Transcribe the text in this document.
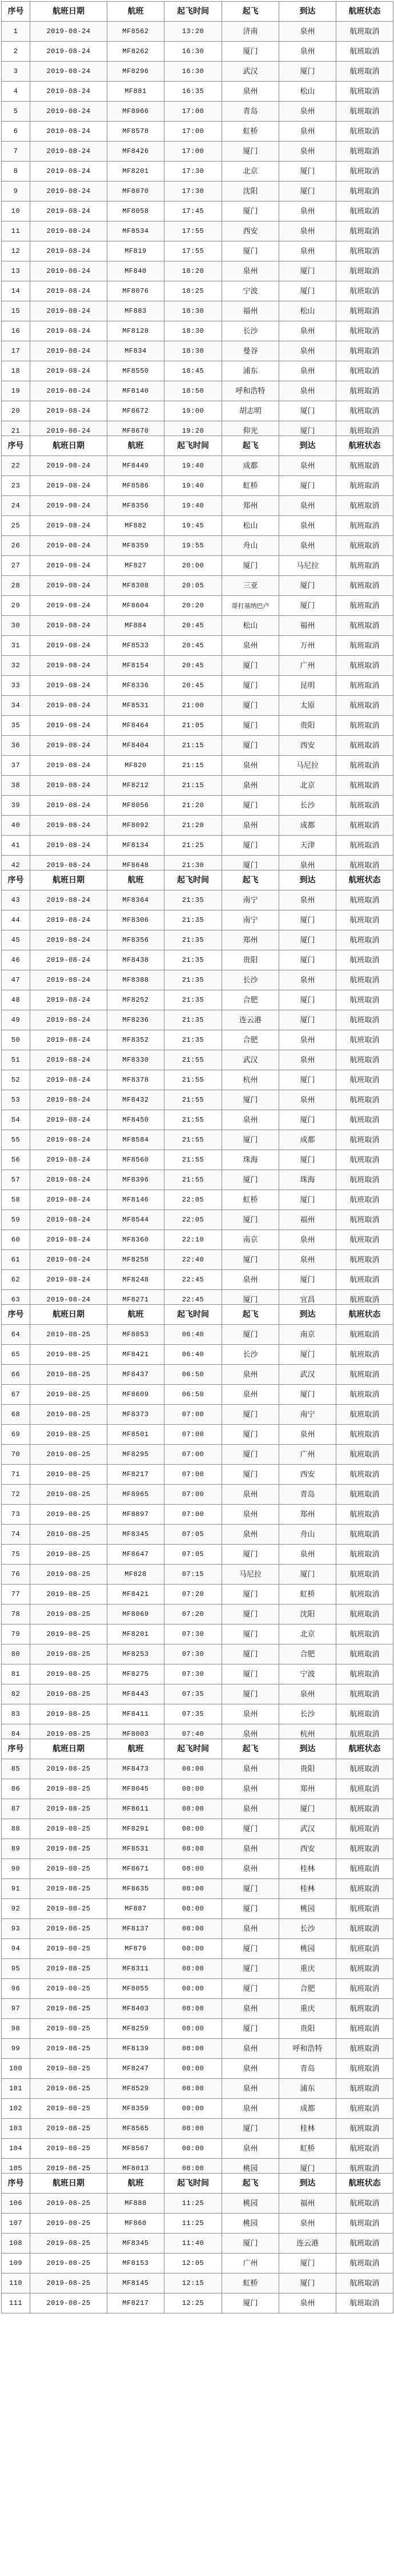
序号	航班日期	航班	起飞时间	起飞	到达	航班状态
1	2019-08-24	MF8562	13:20	济南	泉州	航班取消
2	2019-08-24	MF8262	16:30	厦门	泉州	航班取消
3	2019-08-24	MF8296	16:30	武汉	厦门	航班取消
4	2019-08-24	MF881	16:35	泉州	松山	航班取消
5	2019-08-24	MF8966	17:00	青岛	泉州	航班取消
6	2019-08-24	MF8578	17:00	虹桥	泉州	航班取消
7	2019-08-24	MF8426	17:00	厦门	泉州	航班取消
8	2019-08-24	MF8201	17:30	北京	厦门	航班取消
9	2019-08-24	MF8070	17:30	沈阳	厦门	航班取消
10	2019-08-24	MF8058	17:45	厦门	泉州	航班取消
11	2019-08-24	MF8534	17:55	西安	泉州	航班取消
12	2019-08-24	MF819	17:55	厦门	泉州	航班取消
13	2019-08-24	MF840	18:20	泉州	厦门	航班取消
14	2019-08-24	MF8076	18:25	宁波	厦门	航班取消
15	2019-08-24	MF883	18:30	福州	松山	航班取消
16	2019-08-24	MF8128	18:30	长沙	泉州	航班取消
17	2019-08-24	MF834	18:30	曼谷	泉州	航班取消
18	2019-08-24	MF8550	18:45	浦东	泉州	航班取消
19	2019-08-24	MF8140	18:50	呼和浩特	泉州	航班取消
20	2019-08-24	MF8672	19:00	胡志明	厦门	航班取消
21	2019-08-24	MF8670	19:20	仰光	厦门	航班取消
序号	航班日期	航班	起飞时间	起飞	到达	航班状态
22	2019-08-24	MF8449	19:40	成都	泉州	航班取消
23	2019-08-24	MF8586	19:40	虹桥	厦门	航班取消
24	2019-08-24	MF8356	19:40	郑州	泉州	航班取消
25	2019-08-24	MF882	19:45	松山	泉州	航班取消
26	2019-08-24	MF8359	19:55	舟山	泉州	航班取消
27	2019-08-24	MF827	20:00	厦门	马尼拉	航班取消
28	2019-08-24	MF8308	20:05	三亚	厦门	航班取消
29	2019-08-24	MF8604	20:20	哥打基纳巴卢	厦门	航班取消
30	2019-08-24	MF884	20:45	松山	福州	航班取消
31	2019-08-24	MF8533	20:45	泉州	万州	航班取消
32	2019-08-24	MF8154	20:45	厦门	广州	航班取消
33	2019-08-24	MF8336	20:45	厦门	昆明	航班取消
34	2019-08-24	MF8531	21:00	厦门	太原	航班取消
35	2019-08-24	MF8464	21:05	厦门	贵阳	航班取消
36	2019-08-24	MF8404	21:15	厦门	西安	航班取消
37	2019-08-24	MF820	21:15	泉州	马尼拉	航班取消
38	2019-08-24	MF8212	21:15	泉州	北京	航班取消
39	2019-08-24	MF8056	21:20	厦门	长沙	航班取消
40	2019-08-24	MF8092	21:20	泉州	成都	航班取消
41	2019-08-24	MF8134	21:25	厦门	天津	航班取消
42	2019-08-24	MF8648	21:30	厦门	泉州	航班取消
序号	航班日期	航班	起飞时间	起飞	到达	航班状态
43	2019-08-24	MF8364	21:35	南宁	泉州	航班取消
44	2019-08-24	MF8306	21:35	南宁	厦门	航班取消
45	2019-08-24	MF8356	21:35	郑州	厦门	航班取消
46	2019-08-24	MF8438	21:35	贵阳	厦门	航班取消
47	2019-08-24	MF8388	21:35	长沙	泉州	航班取消
48	2019-08-24	MF8252	21:35	合肥	厦门	航班取消
49	2019-08-24	MF8236	21:35	连云港	厦门	航班取消
50	2019-08-24	MF8352	21:35	合肥	泉州	航班取消
51	2019-08-24	MF8330	21:55	武汉	泉州	航班取消
52	2019-08-24	MF8378	21:55	杭州	厦门	航班取消
53	2019-08-24	MF8432	21:55	厦门	泉州	航班取消
54	2019-08-24	MF8450	21:55	泉州	厦门	航班取消
55	2019-08-24	MF8584	21:55	厦门	成都	航班取消
56	2019-08-24	MF8560	21:55	珠海	厦门	航班取消
57	2019-08-24	MF8396	21:55	厦门	珠海	航班取消
58	2019-08-24	MF8146	22:05	虹桥	厦门	航班取消
59	2019-08-24	MF8544	22:05	厦门	福州	航班取消
60	2019-08-24	MF8360	22:10	南京	泉州	航班取消
61	2019-08-24	MF8258	22:40	厦门	泉州	航班取消
62	2019-08-24	MF8248	22:45	泉州	厦门	航班取消
63	2019-08-24	MF8271	22:45	厦门	宜昌	航班取消
序号	航班日期	航班	起飞时间	起飞	到达	航班状态
64	2019-08-25	MF8053	06:40	厦门	南京	航班取消
65	2019-08-25	MF8421	06:40	长沙	厦门	航班取消
66	2019-08-25	MF8437	06:50	泉州	武汉	航班取消
67	2019-08-25	MF8609	06:50	泉州	厦门	航班取消
68	2019-08-25	MF8373	07:00	厦门	南宁	航班取消
69	2019-08-25	MF8501	07:00	厦门	泉州	航班取消
70	2019-08-25	MF8295	07:00	厦门	广州	航班取消
71	2019-08-25	MF8217	07:00	厦门	西安	航班取消
72	2019-08-25	MF8965	07:00	泉州	青岛	航班取消
73	2019-08-25	MF8897	07:00	泉州	郑州	航班取消
74	2019-08-25	MF8345	07:05	泉州	舟山	航班取消
75	2019-08-25	MF8647	07:05	厦门	泉州	航班取消
76	2019-08-25	MF828	07:15	马尼拉	厦门	航班取消
77	2019-08-25	MF8421	07:20	厦门	虹桥	航班取消
78	2019-08-25	MF8069	07:20	厦门	沈阳	航班取消
79	2019-08-25	MF8201	07:30	厦门	北京	航班取消
80	2019-08-25	MF8253	07:30	厦门	合肥	航班取消
81	2019-08-25	MF8275	07:30	厦门	宁波	航班取消
82	2019-08-25	MF8443	07:35	厦门	泉州	航班取消
83	2019-08-25	MF8411	07:35	泉州	长沙	航班取消
84	2019-08-25	MF8003	07:40	泉州	杭州	航班取消
序号	航班日期	航班	起飞时间	起飞	到达	航班状态
85	2019-08-25	MF8473	08:00	泉州	贵阳	航班取消
86	2019-08-25	MF8045	08:00	泉州	郑州	航班取消
87	2019-08-25	MF8611	08:00	泉州	厦门	航班取消
88	2019-08-25	MF8291	08:00	厦门	武汉	航班取消
89	2019-08-25	MF8531	08:00	泉州	西安	航班取消
90	2019-08-25	MF8671	08:00	泉州	桂林	航班取消
91	2019-08-25	MF8635	08:00	厦门	桂林	航班取消
92	2019-08-25	MF887	08:00	厦门	桃园	航班取消
93	2019-08-25	MF8137	08:00	泉州	长沙	航班取消
94	2019-08-25	MF879	08:00	厦门	桃园	航班取消
95	2019-08-25	MF8311	08:00	厦门	重庆	航班取消
96	2019-08-25	MF8055	08:00	厦门	合肥	航班取消
97	2019-08-25	MF8403	08:00	泉州	重庆	航班取消
98	2019-08-25	MF8259	08:00	厦门	贵阳	航班取消
99	2019-08-25	MF8139	08:00	泉州	呼和浩特	航班取消
100	2019-08-25	MF8247	08:00	泉州	青岛	航班取消
101	2019-08-25	MF8529	08:00	泉州	浦东	航班取消
102	2019-08-25	MF8359	08:00	泉州	成都	航班取消
103	2019-08-25	MF8565	08:00	厦门	桂林	航班取消
104	2019-08-25	MF8567	08:00	泉州	虹桥	航班取消
105	2019-08-25	MF8013	08:00	桃园	厦门	航班取消
序号	航班日期	航班	起飞时间	起飞	到达	航班状态
106	2019-08-25	MF888	11:25	桃园	福州	航班取消
107	2019-08-25	MF860	11:25	桃园	泉州	航班取消
108	2019-08-25	MF8345	11:40	厦门	连云港	航班取消
109	2019-08-25	MF8153	12:05	广州	厦门	航班取消
110	2019-08-25	MF8145	12:15	虹桥	厦门	航班取消
111	2019-08-25	MF8217	12:25	厦门	泉州	航班取消
